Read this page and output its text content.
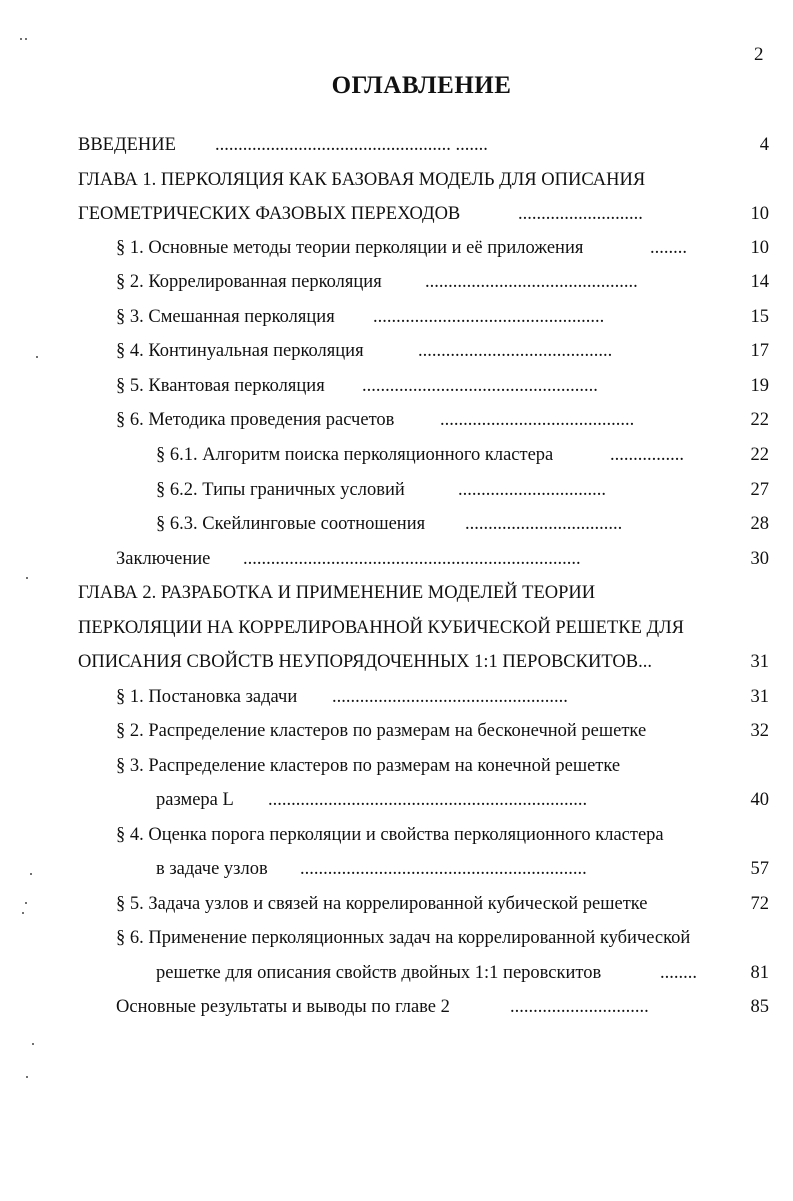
2
ОГЛАВЛЕНИЕ
ВВЕДЕНИЕ ................................................... .......	4
ГЛАВА 1. ПЕРКОЛЯЦИЯ КАК БАЗОВАЯ МОДЕЛЬ ДЛЯ ОПИСАНИЯ
ГЕОМЕТРИЧЕСКИХ ФАЗОВЫХ ПЕРЕХОДОВ	...........................	10
§ 1. Основные методы теории перколяции и её приложения	........	10
§ 2. Коррелированная перколяция ..............................................	14
§ 3. Смешанная перколяция ..................................................	15
§ 4. Континуальная перколяция	..........................................	17
§ 5. Квантовая перколяция ...................................................	19
§ 6. Методика проведения расчетов ..........................................	22
§ 6.1. Алгоритм поиска перколяционного кластера	................	22
§ 6.2. Типы граничных условий	................................	27
§ 6.3. Скейлинговые соотношения ..................................	28
Заключение .........................................................................	30
ГЛАВА 2. РАЗРАБОТКА И ПРИМЕНЕНИЕ МОДЕЛЕЙ ТЕОРИИ
ПЕРКОЛЯЦИИ НА КОРРЕЛИРОВАННОЙ КУБИЧЕСКОЙ РЕШЕТКЕ ДЛЯ
ОПИСАНИЯ СВОЙСТВ НЕУПОРЯДОЧЕННЫХ 1:1 ПЕРОВСКИТОВ...	31
§ 1. Постановка задачи ...................................................	31
§ 2. Распределение кластеров по размерам на бесконечной решетке	32
§ 3. Распределение кластеров по размерам на конечной решетке
размера L .....................................................................	40
§ 4. Оценка порога перколяции и свойства перколяционного кластера
в задаче узлов ..............................................................	57
§ 5. Задача узлов и связей на коррелированной кубической решетке	72
§ 6. Применение перколяционных задач на коррелированной кубической
решетке для описания свойств двойных 1:1 перовскитов	........	81
Основные результаты и выводы по главе 2	..............................	85
